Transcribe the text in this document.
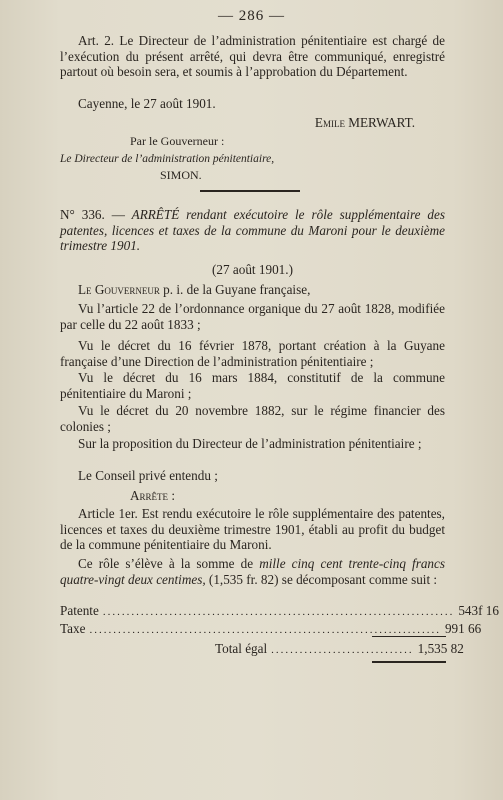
— 286 —
Art. 2. Le Directeur de l’administration pénitentiaire est chargé de l’exécution du présent arrêté, qui devra être communiqué, enregistré partout où besoin sera, et soumis à l’approbation du Département.
Cayenne, le 27 août 1901.
Emile MERWART.
Par le Gouverneur :
Le Directeur de l’administration pénitentiaire,
SIMON.
N° 336. — ARRÊTÉ rendant exécutoire le rôle supplémentaire des patentes, licences et taxes de la commune du Maroni pour le deuxième trimestre 1901.
(27 août 1901.)
Le Gouverneur p. i. de la Guyane française,
Vu l’article 22 de l’ordonnance organique du 27 août 1828, modifiée par celle du 22 août 1833 ;
Vu le décret du 16 février 1878, portant création à la Guyane française d’une Direction de l’administration pénitentiaire ;
Vu le décret du 16 mars 1884, constitutif de la commune pénitentiaire du Maroni ;
Vu le décret du 20 novembre 1882, sur le régime financier des colonies ;
Sur la proposition du Directeur de l’administration pénitentiaire ;
Le Conseil privé entendu ;
Arrête :
Article 1er. Est rendu exécutoire le rôle supplémentaire des patentes, licences et taxes du deuxième trimestre 1901, établi au profit du budget de la commune pénitentiaire du Maroni.
Ce rôle s’élève à la somme de mille cinq cent trente-cinq francs quatre-vingt deux centimes, (1,535 fr. 82) se décomposant comme suit :
Patente .......................................................................... 543f 16
Taxe .......................................................................... 991 66
Total égal .............................. 1,535 82
